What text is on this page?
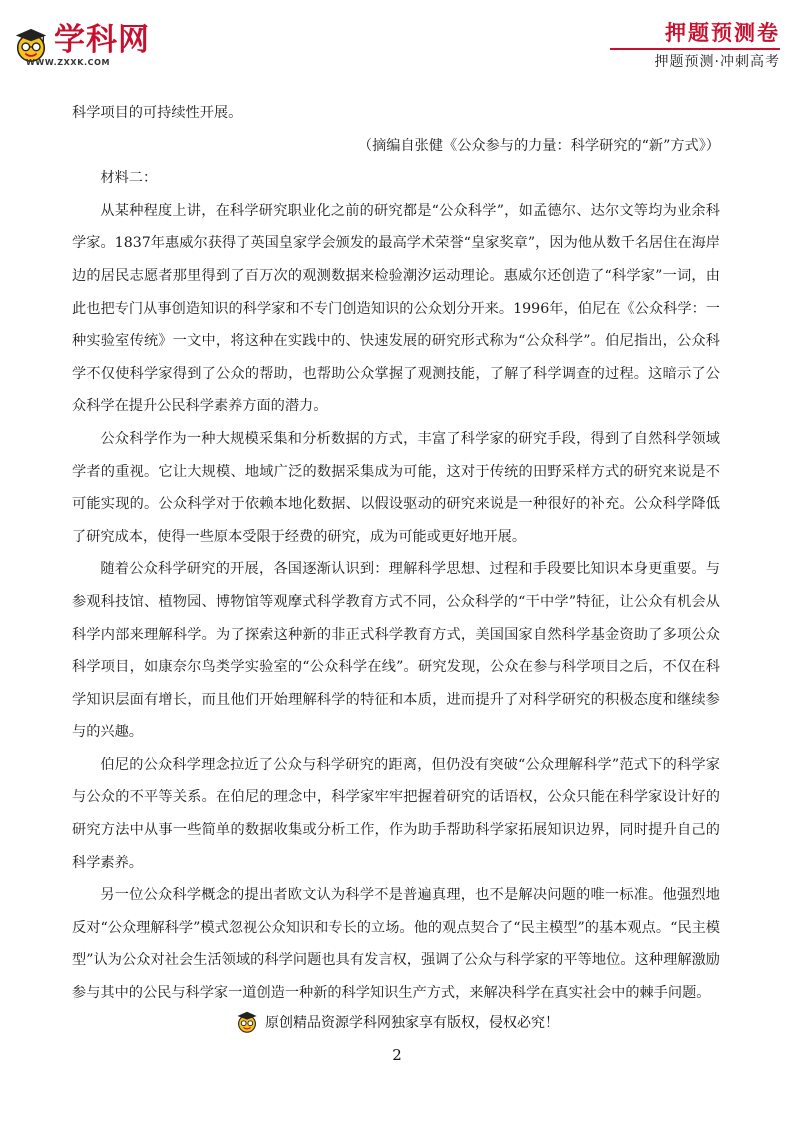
学科网
WWW.ZXXK.COM
押题预测卷
押题预测·冲刺高考

科学项目的可持续性开展。

（摘编自张健《公众参与的力量：科学研究的“新”方式》）

材料二：

从某种程度上讲，在科学研究职业化之前的研究都是“公众科学”，如孟德尔、达尔文等均为业余科学家。1837年惠威尔获得了英国皇家学会颁发的最高学术荣誉“皇家奖章”，因为他从数千名居住在海岸边的居民志愿者那里得到了百万次的观测数据来检验潮汐运动理论。惠威尔还创造了“科学家”一词，由此也把专门从事创造知识的科学家和不专门创造知识的公众划分开来。1996年，伯尼在《公众科学：一种实验室传统》一文中，将这种在实践中的、快速发展的研究形式称为“公众科学”。伯尼指出，公众科学不仅使科学家得到了公众的帮助，也帮助公众掌握了观测技能，了解了科学调查的过程。这暗示了公众科学在提升公民科学素养方面的潜力。

公众科学作为一种大规模采集和分析数据的方式，丰富了科学家的研究手段，得到了自然科学领域学者的重视。它让大规模、地域广泛的数据采集成为可能，这对于传统的田野采样方式的研究来说是不可能实现的。公众科学对于依赖本地化数据、以假设驱动的研究来说是一种很好的补充。公众科学降低了研究成本，使得一些原本受限于经费的研究，成为可能或更好地开展。

随着公众科学研究的开展，各国逐渐认识到：理解科学思想、过程和手段要比知识本身更重要。与参观科技馆、植物园、博物馆等观摩式科学教育方式不同，公众科学的“干中学”特征，让公众有机会从科学内部来理解科学。为了探索这种新的非正式科学教育方式，美国国家自然科学基金资助了多项公众科学项目，如康奈尔鸟类学实验室的“公众科学在线”。研究发现，公众在参与科学项目之后，不仅在科学知识层面有增长，而且他们开始理解科学的特征和本质，进而提升了对科学研究的积极态度和继续参与的兴趣。

伯尼的公众科学理念拉近了公众与科学研究的距离，但仍没有突破“公众理解科学”范式下的科学家与公众的不平等关系。在伯尼的理念中，科学家牢牢把握着研究的话语权，公众只能在科学家设计好的研究方法中从事一些简单的数据收集或分析工作，作为助手帮助科学家拓展知识边界，同时提升自己的科学素养。

另一位公众科学概念的提出者欧文认为科学不是普遍真理，也不是解决问题的唯一标准。他强烈地反对“公众理解科学”模式忽视公众知识和专长的立场。他的观点契合了“民主模型”的基本观点。“民主模型”认为公众对社会生活领域的科学问题也具有发言权，强调了公众与科学家的平等地位。这种理解激励参与其中的公民与科学家一道创造一种新的科学知识生产方式，来解决科学在真实社会中的棘手问题。

原创精品资源学科网独家享有版权，侵权必究！
2
